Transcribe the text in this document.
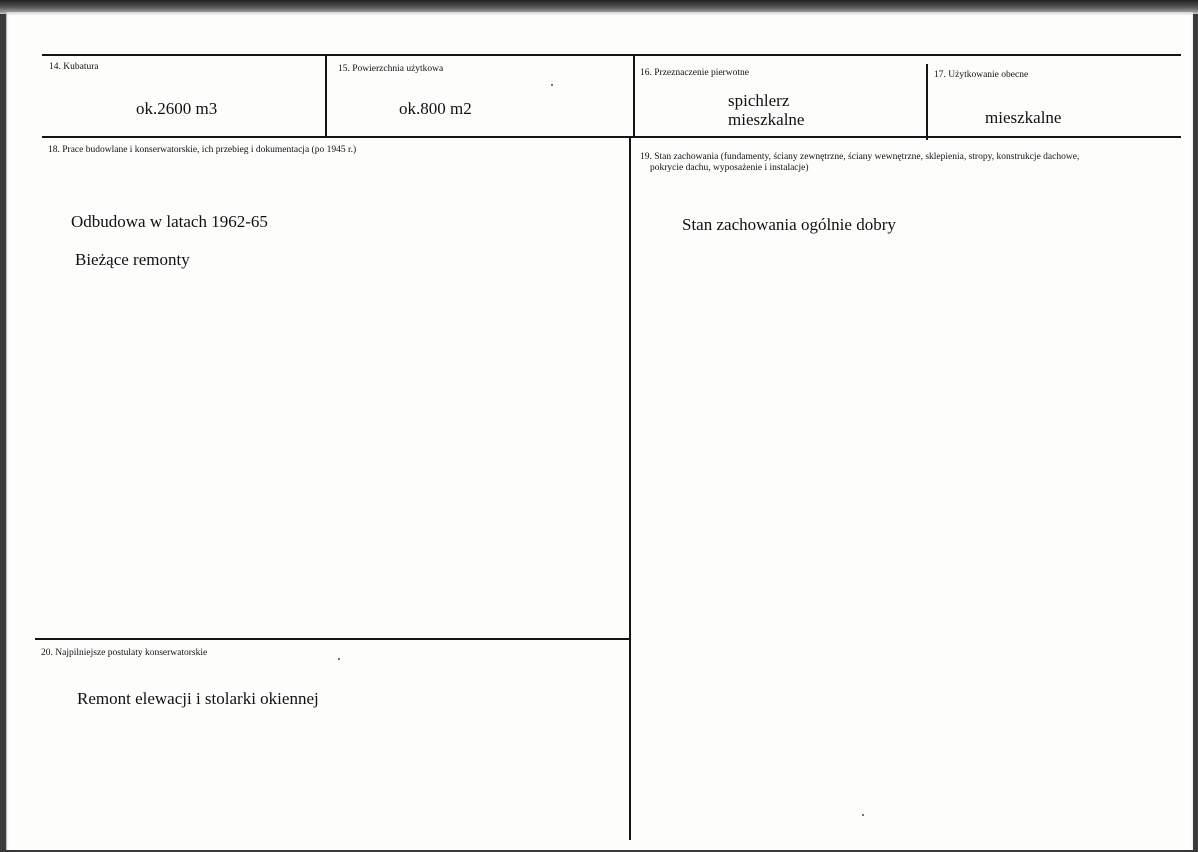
14. Kubatura
ok.2600 m3
15. Powierzchnia użytkowa
ok.800 m2
16. Przeznaczenie pierwotne
spichlerz
mieszkalne
17. Użytkowanie obecne
mieszkalne
18. Prace budowlane i konserwatorskie, ich przebieg i dokumentacja (po 1945 r.)
Odbudowa w latach 1962-65
Bieżące remonty
19. Stan zachowania (fundamenty, ściany zewnętrzne, ściany wewnętrzne, sklepienia, stropy, konstrukcje dachowe,
pokrycie dachu, wyposażenie i instalacje)
Stan zachowania ogólnie dobry
20. Najpilniejsze postulaty konserwatorskie
Remont elewacji i stolarki okiennej
